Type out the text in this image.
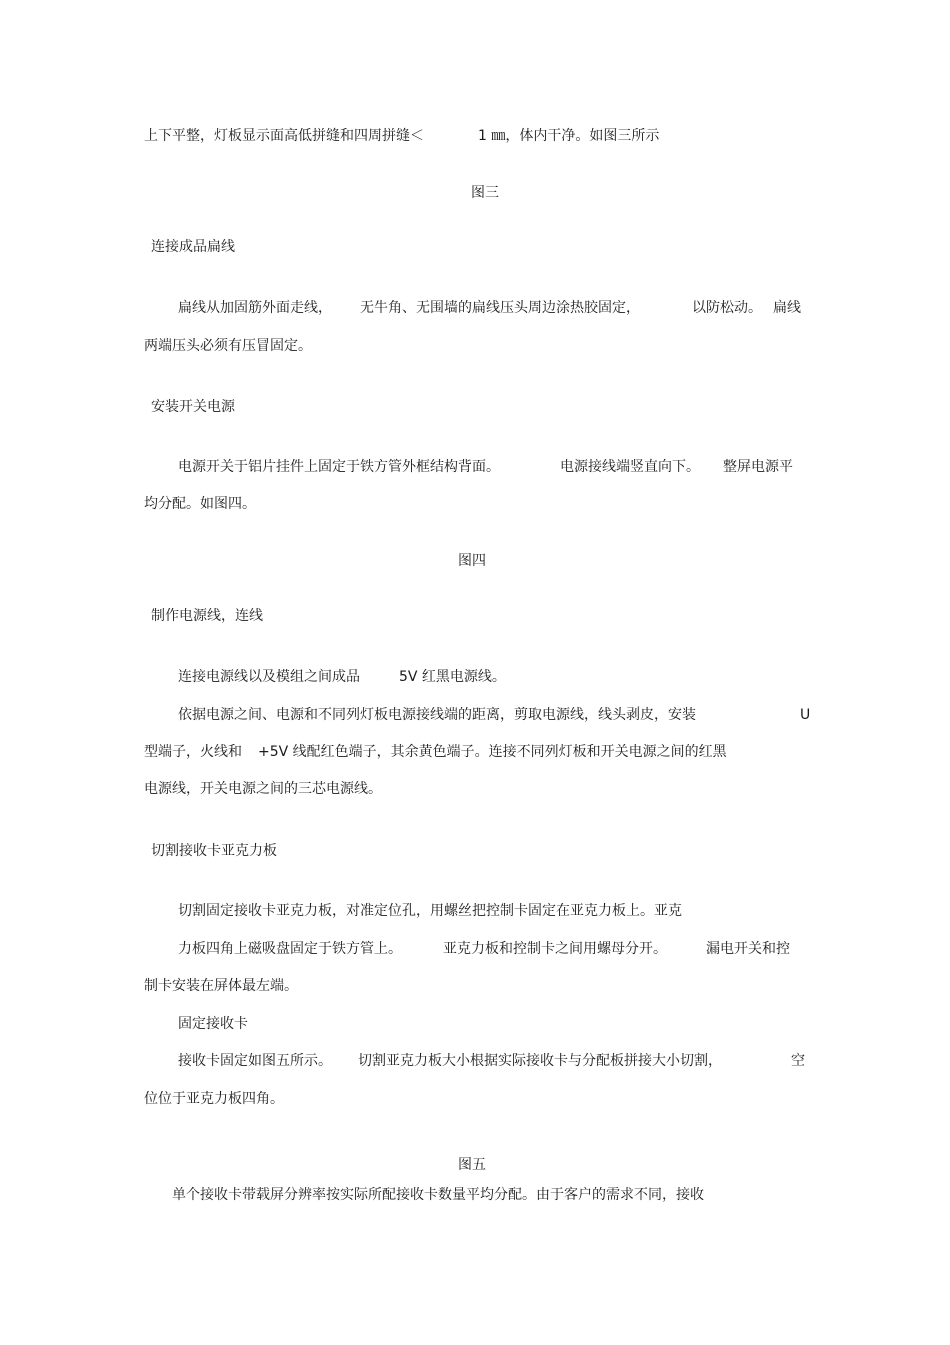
上下平整，灯板显示面高低拼缝和四周拼缝＜	1 ㎜，体内干净。如图三所示
图三
连接成品扁线
扁线从加固筋外面走线， 无牛角、无围墙的扁线压头周边涂热胶固定，	以防松动。 扁线
两端压头必须有压冒固定。
安装开关电源
电源开关于铝片挂件上固定于铁方管外框结构背面。	电源接线端竖直向下。 整屏电源平
均分配。如图四。
图四
制作电源线，连线
连接电源线以及模组之间成品	5V 红黑电源线。
依据电源之间、电源和不同列灯板电源接线端的距离，剪取电源线，线头剥皮，安装	U
型端子，火线和 +5V 线配红色端子，其余黄色端子。连接不同列灯板和开关电源之间的红黑
电源线，开关电源之间的三芯电源线。
切割接收卡亚克力板
切割固定接收卡亚克力板，对准定位孔，用螺丝把控制卡固定在亚克力板上。亚克
力板四角上磁吸盘固定于铁方管上。	亚克力板和控制卡之间用螺母分开。	漏电开关和控
制卡安装在屏体最左端。
固定接收卡
接收卡固定如图五所示。 切割亚克力板大小根据实际接收卡与分配板拼接大小切割，	空
位位于亚克力板四角。
图五
单个接收卡带载屏分辨率按实际所配接收卡数量平均分配。由于客户的需求不同，接收
